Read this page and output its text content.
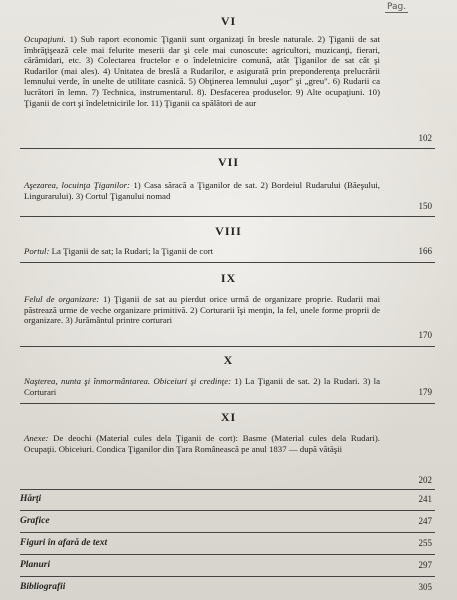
Pag.
VI
Ocupaţiuni. 1) Sub raport economic Ţiganii sunt organizaţi în bresle naturale. 2) Ţiganii de sat îmbrăţişează cele mai felurite meserii dar şi cele mai cunoscute: agricultori, muzicanţi, fierari, cărămidari, etc. 3) Colectarea fructelor e o îndeletnicire comună, atât Ţiganilor de sat cât şi Rudarilor (mai ales). 4) Unitatea de breslă a Rudarilor, e asigurată prin preponderenţa prelucrării lemnului verde, în unelte de utilitate casnică. 5) Obţinerea lemnului „uşor" şi „greu". 6) Rudarii ca lucrători în lemn. 7) Technica, instrumentarul. 8). Desfacerea produselor. 9) Alte ocupaţiuni. 10) Ţiganii de cort şi îndeletnicirile lor. 11) Ţiganii ca spălători de aur
102
VII
Aşezarea, locuinţa Ţiganilor: 1) Casa săracă a Ţiganilor de sat. 2) Bordeiul Rudarului (Băeşului, Lingurarului). 3) Cortul Ţiganului nomad
150
VIII
Portul: La Ţiganii de sat; la Rudari; la Ţiganii de cort	166
IX
Felul de organizare: 1) Ţiganii de sat au pierdut orice urmă de organizare proprie. Rudarii mai păstrează urme de veche organizare primitivă. 2) Corturarii îşi menţin, la fel, unele forme proprii de organizare. 3) Jurământul printre corturari
170
X
Naşterea, nunta şi înmormântarea. Obiceiuri şi credinţe: 1) La Ţiganii de sat. 2) la Rudari. 3) la Corturari	179
XI
Anexe: De deochi (Material cules dela Ţiganii de cort): Basme (Material cules dela Rudari). Ocupaţii. Obiceiuri. Condica Ţiganilor din Ţara Românească pe anul 1837 — după vătăşii
202
Hărţi	241
Grafice	247
Figuri în afară de text	255
Planuri	297
Bibliografii	305
